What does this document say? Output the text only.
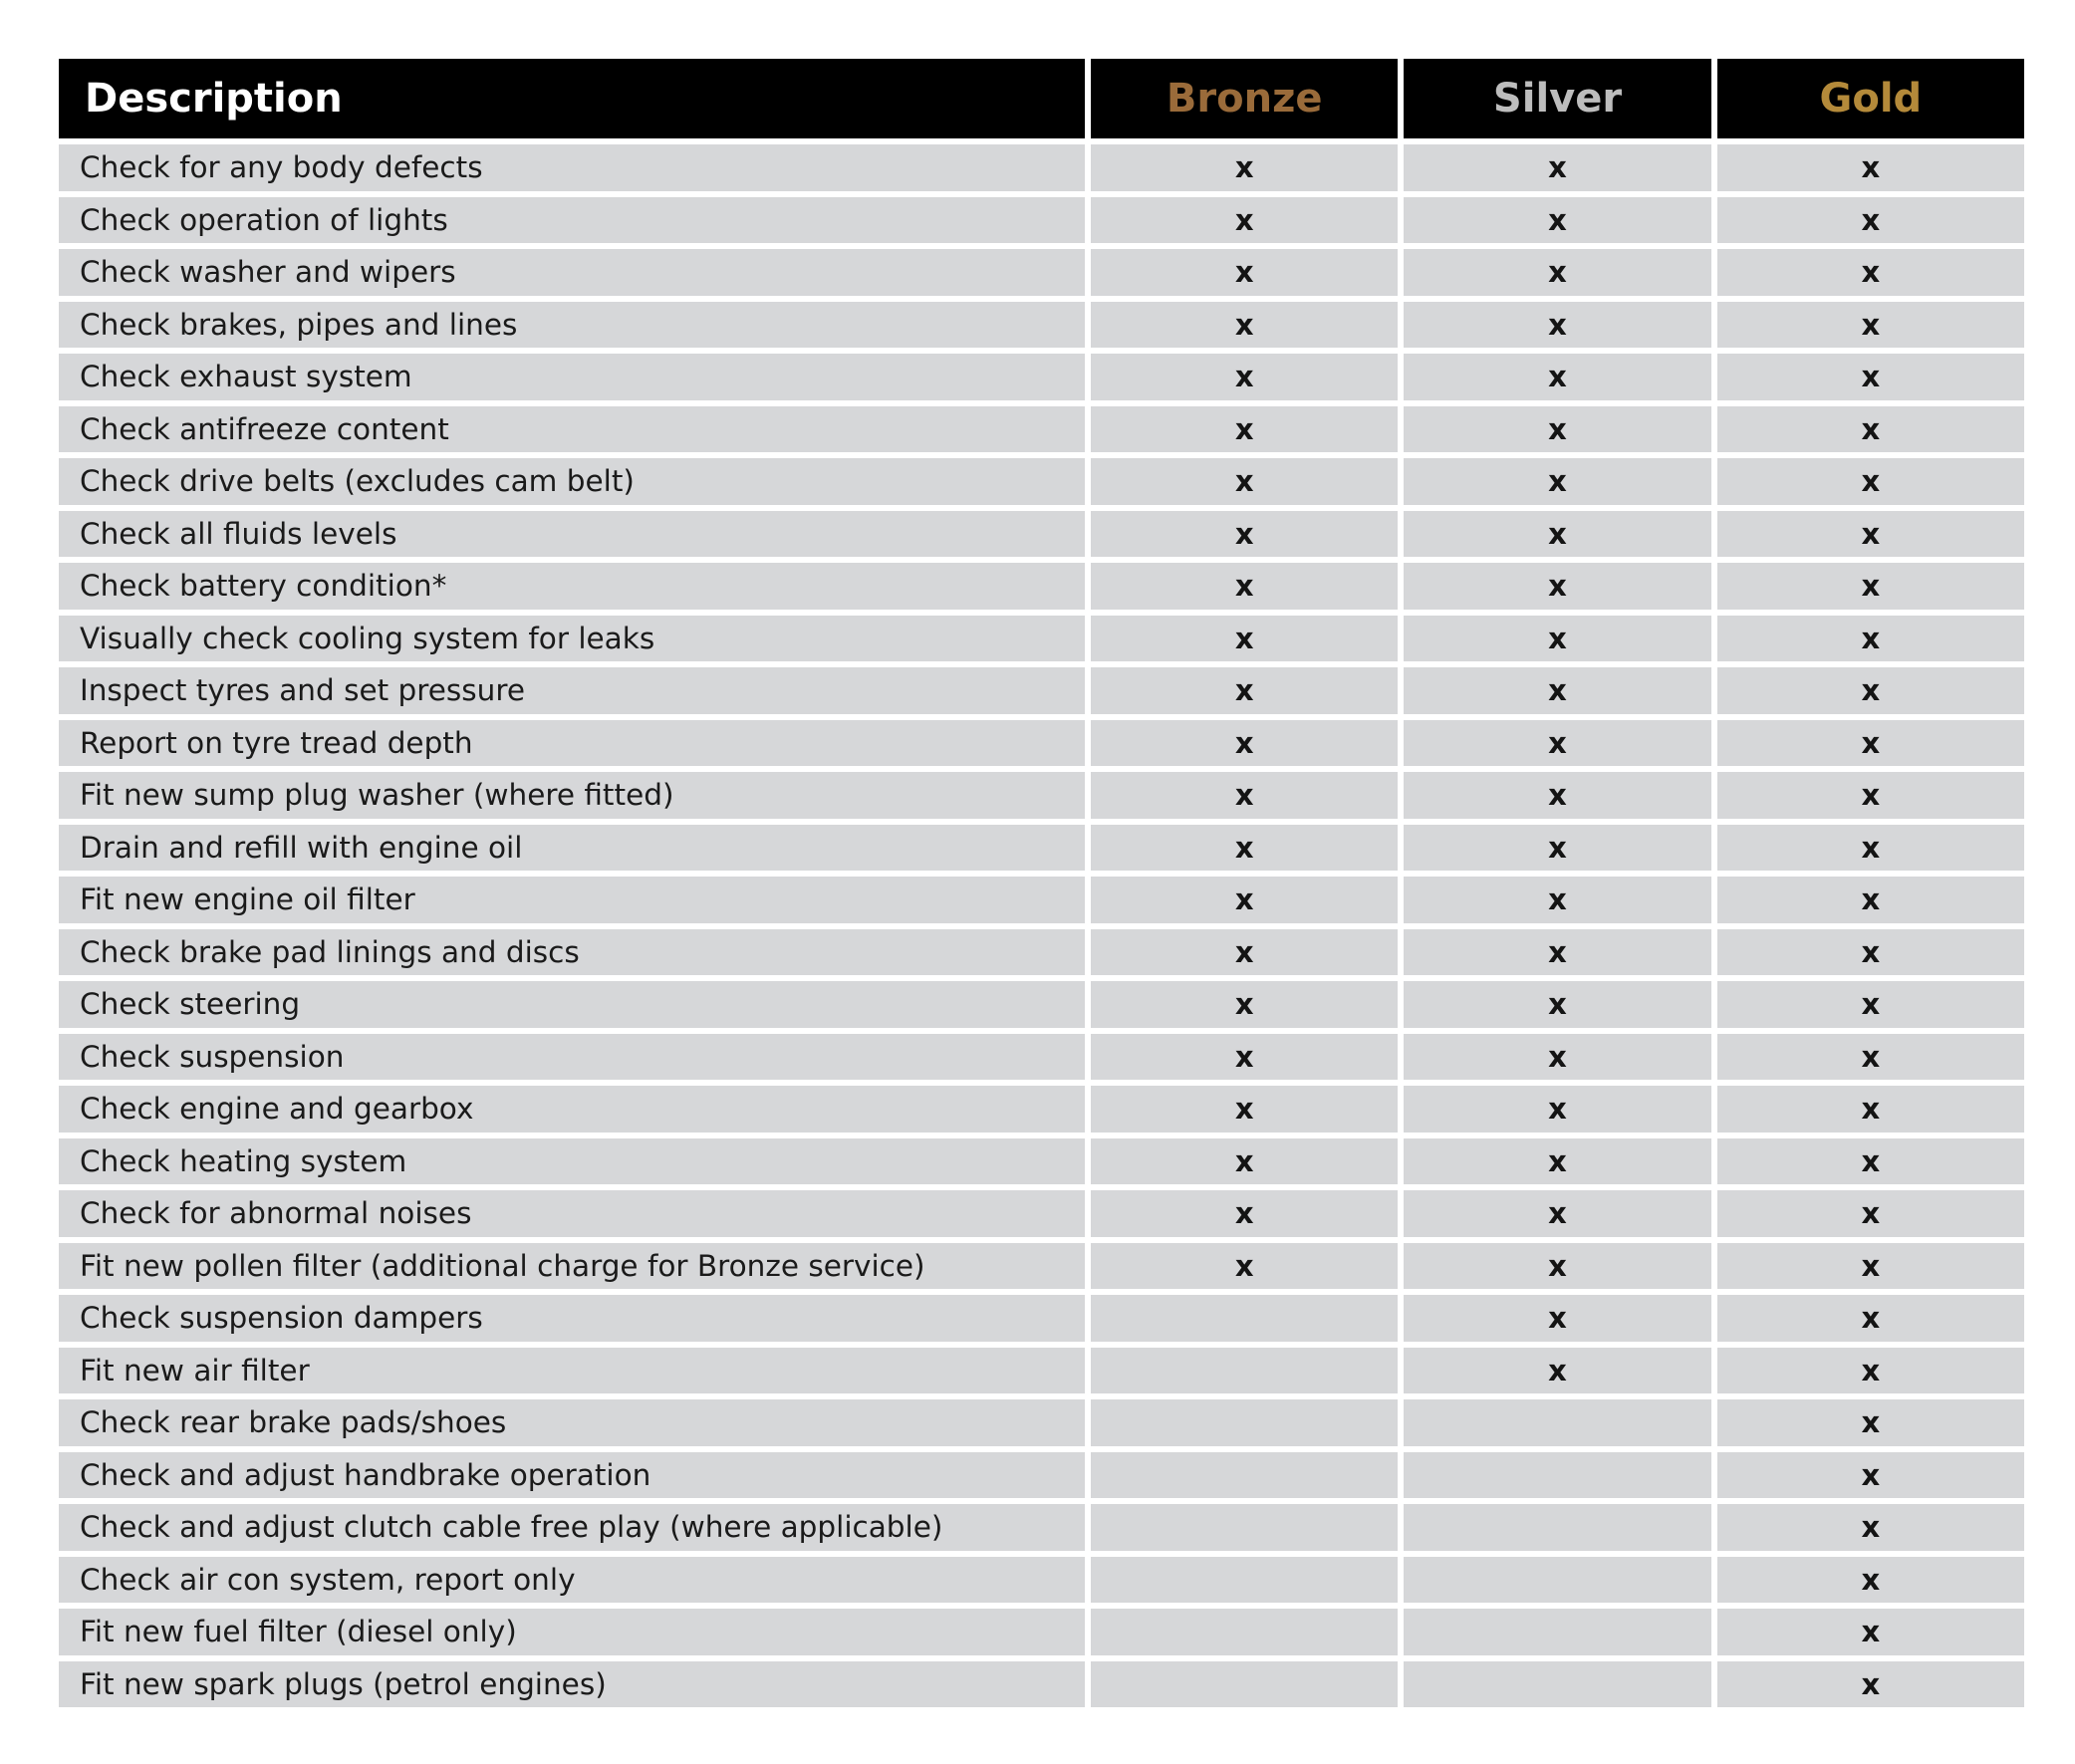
Description	Bronze	Silver	Gold
Check for any body defects	x	x	x
Check operation of lights	x	x	x
Check washer and wipers	x	x	x
Check brakes, pipes and lines	x	x	x
Check exhaust system	x	x	x
Check antifreeze content	x	x	x
Check drive belts (excludes cam belt)	x	x	x
Check all fluids levels	x	x	x
Check battery condition*	x	x	x
Visually check cooling system for leaks	x	x	x
Inspect tyres and set pressure	x	x	x
Report on tyre tread depth	x	x	x
Fit new sump plug washer (where fitted)	x	x	x
Drain and refill with engine oil	x	x	x
Fit new engine oil filter	x	x	x
Check brake pad linings and discs	x	x	x
Check steering	x	x	x
Check suspension	x	x	x
Check engine and gearbox	x	x	x
Check heating system	x	x	x
Check for abnormal noises	x	x	x
Fit new pollen filter (additional charge for Bronze service)	x	x	x
Check suspension dampers		x	x
Fit new air filter		x	x
Check rear brake pads/shoes			x
Check and adjust handbrake operation			x
Check and adjust clutch cable free play (where applicable)			x
Check air con system, report only			x
Fit new fuel filter (diesel only)			x
Fit new spark plugs (petrol engines)			x
